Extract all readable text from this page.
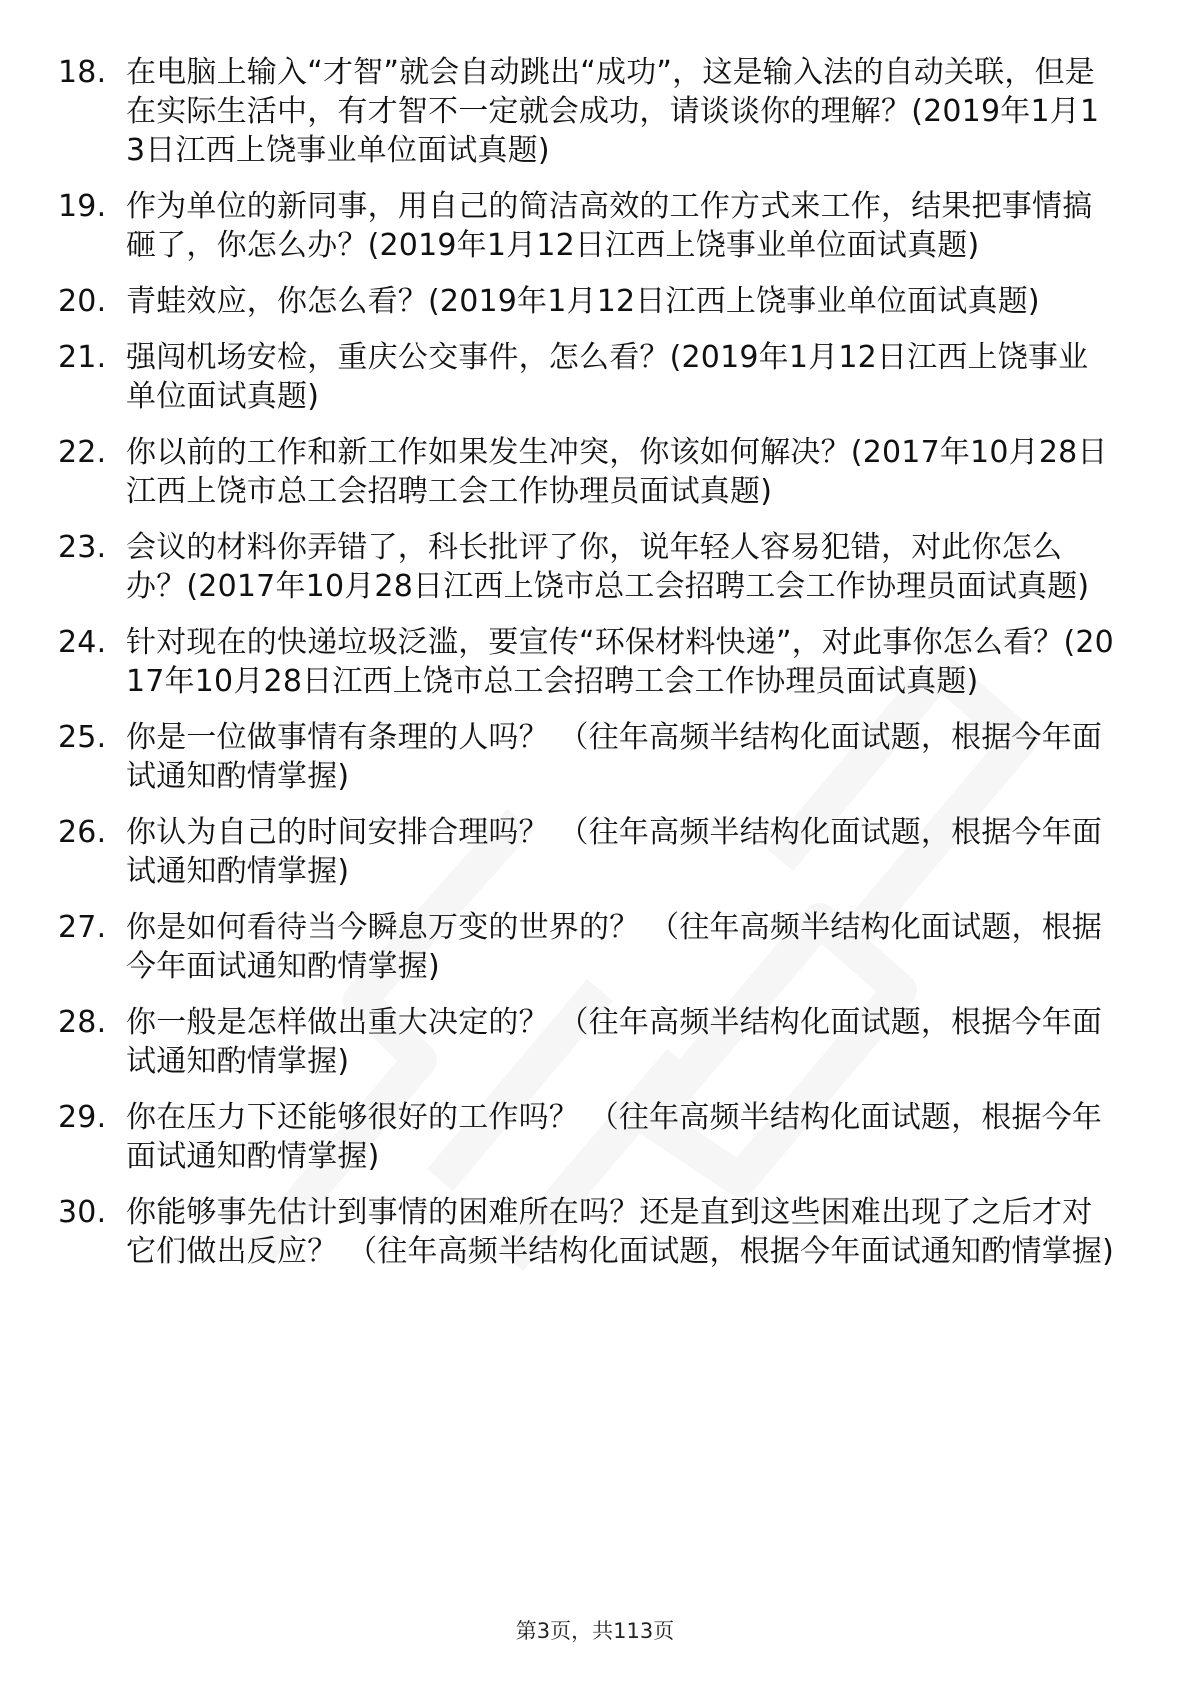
18. 在电脑上输入“才智”就会自动跳出“成功”，这是输入法的自动关联，但是在实际生活中，有才智不一定就会成功，请谈谈你的理解？(2019年1月13日江西上饶事业单位面试真题)
19. 作为单位的新同事，用自己的简洁高效的工作方式来工作，结果把事情搞砸了，你怎么办？(2019年1月12日江西上饶事业单位面试真题)
20. 青蛙效应，你怎么看？(2019年1月12日江西上饶事业单位面试真题)
21. 强闯机场安检，重庆公交事件，怎么看？(2019年1月12日江西上饶事业单位面试真题)
22. 你以前的工作和新工作如果发生冲突，你该如何解决？(2017年10月28日江西上饶市总工会招聘工会工作协理员面试真题)
23. 会议的材料你弄错了，科长批评了你，说年轻人容易犯错，对此你怎么办？(2017年10月28日江西上饶市总工会招聘工会工作协理员面试真题)
24. 针对现在的快递垃圾泛滥，要宣传“环保材料快递”，对此事你怎么看？(2017年10月28日江西上饶市总工会招聘工会工作协理员面试真题)
25. 你是一位做事情有条理的人吗？ （往年高频半结构化面试题，根据今年面试通知酌情掌握)
26. 你认为自己的时间安排合理吗？ （往年高频半结构化面试题，根据今年面试通知酌情掌握)
27. 你是如何看待当今瞬息万变的世界的？ （往年高频半结构化面试题，根据今年面试通知酌情掌握)
28. 你一般是怎样做出重大决定的？ （往年高频半结构化面试题，根据今年面试通知酌情掌握)
29. 你在压力下还能够很好的工作吗？ （往年高频半结构化面试题，根据今年面试通知酌情掌握)
30. 你能够事先估计到事情的困难所在吗？还是直到这些困难出现了之后才对它们做出反应？ （往年高频半结构化面试题，根据今年面试通知酌情掌握)
第3页，共113页
